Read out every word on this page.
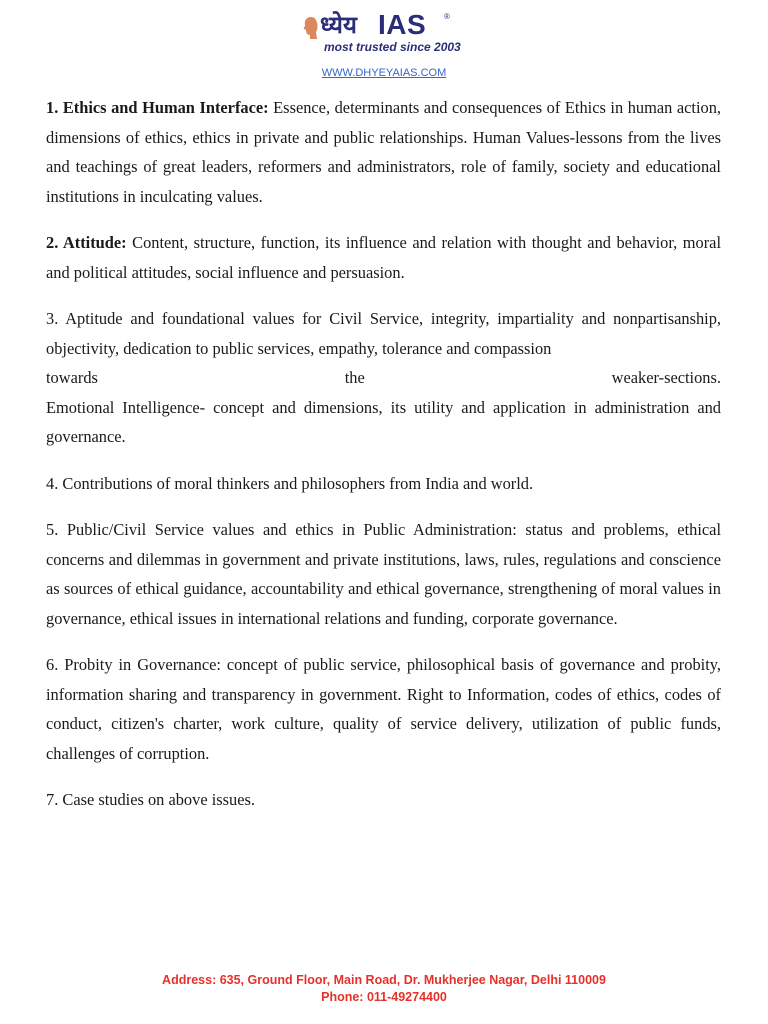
ध्येय IAS ®
most trusted since 2003
WWW.DHYEYAIAS.COM

1. Ethics and Human Interface: Essence, determinants and consequences of Ethics in human action, dimensions of ethics, ethics in private and public relationships. Human Values-lessons from the lives and teachings of great leaders, reformers and administrators, role of family, society and educational institutions in inculcating values.

2. Attitude: Content, structure, function, its influence and relation with thought and behavior, moral and political attitudes, social influence and persuasion.

3. Aptitude and foundational values for Civil Service, integrity, impartiality and nonpartisanship, objectivity, dedication to public services, empathy, tolerance and compassion
towards	the	weaker-sections.
Emotional Intelligence- concept and dimensions, its utility and application in administration and governance.

4. Contributions of moral thinkers and philosophers from India and world.

5. Public/Civil Service values and ethics in Public Administration: status and problems, ethical concerns and dilemmas in government and private institutions, laws, rules, regulations and conscience as sources of ethical guidance, accountability and ethical governance, strengthening of moral values in governance, ethical issues in international relations and funding, corporate governance.

6. Probity in Governance: concept of public service, philosophical basis of governance and probity, information sharing and transparency in government. Right to Information, codes of ethics, codes of conduct, citizen's charter, work culture, quality of service delivery, utilization of public funds, challenges of corruption.

7. Case studies on above issues.

Address: 635, Ground Floor, Main Road, Dr. Mukherjee Nagar, Delhi 110009
Phone: 011-49274400
